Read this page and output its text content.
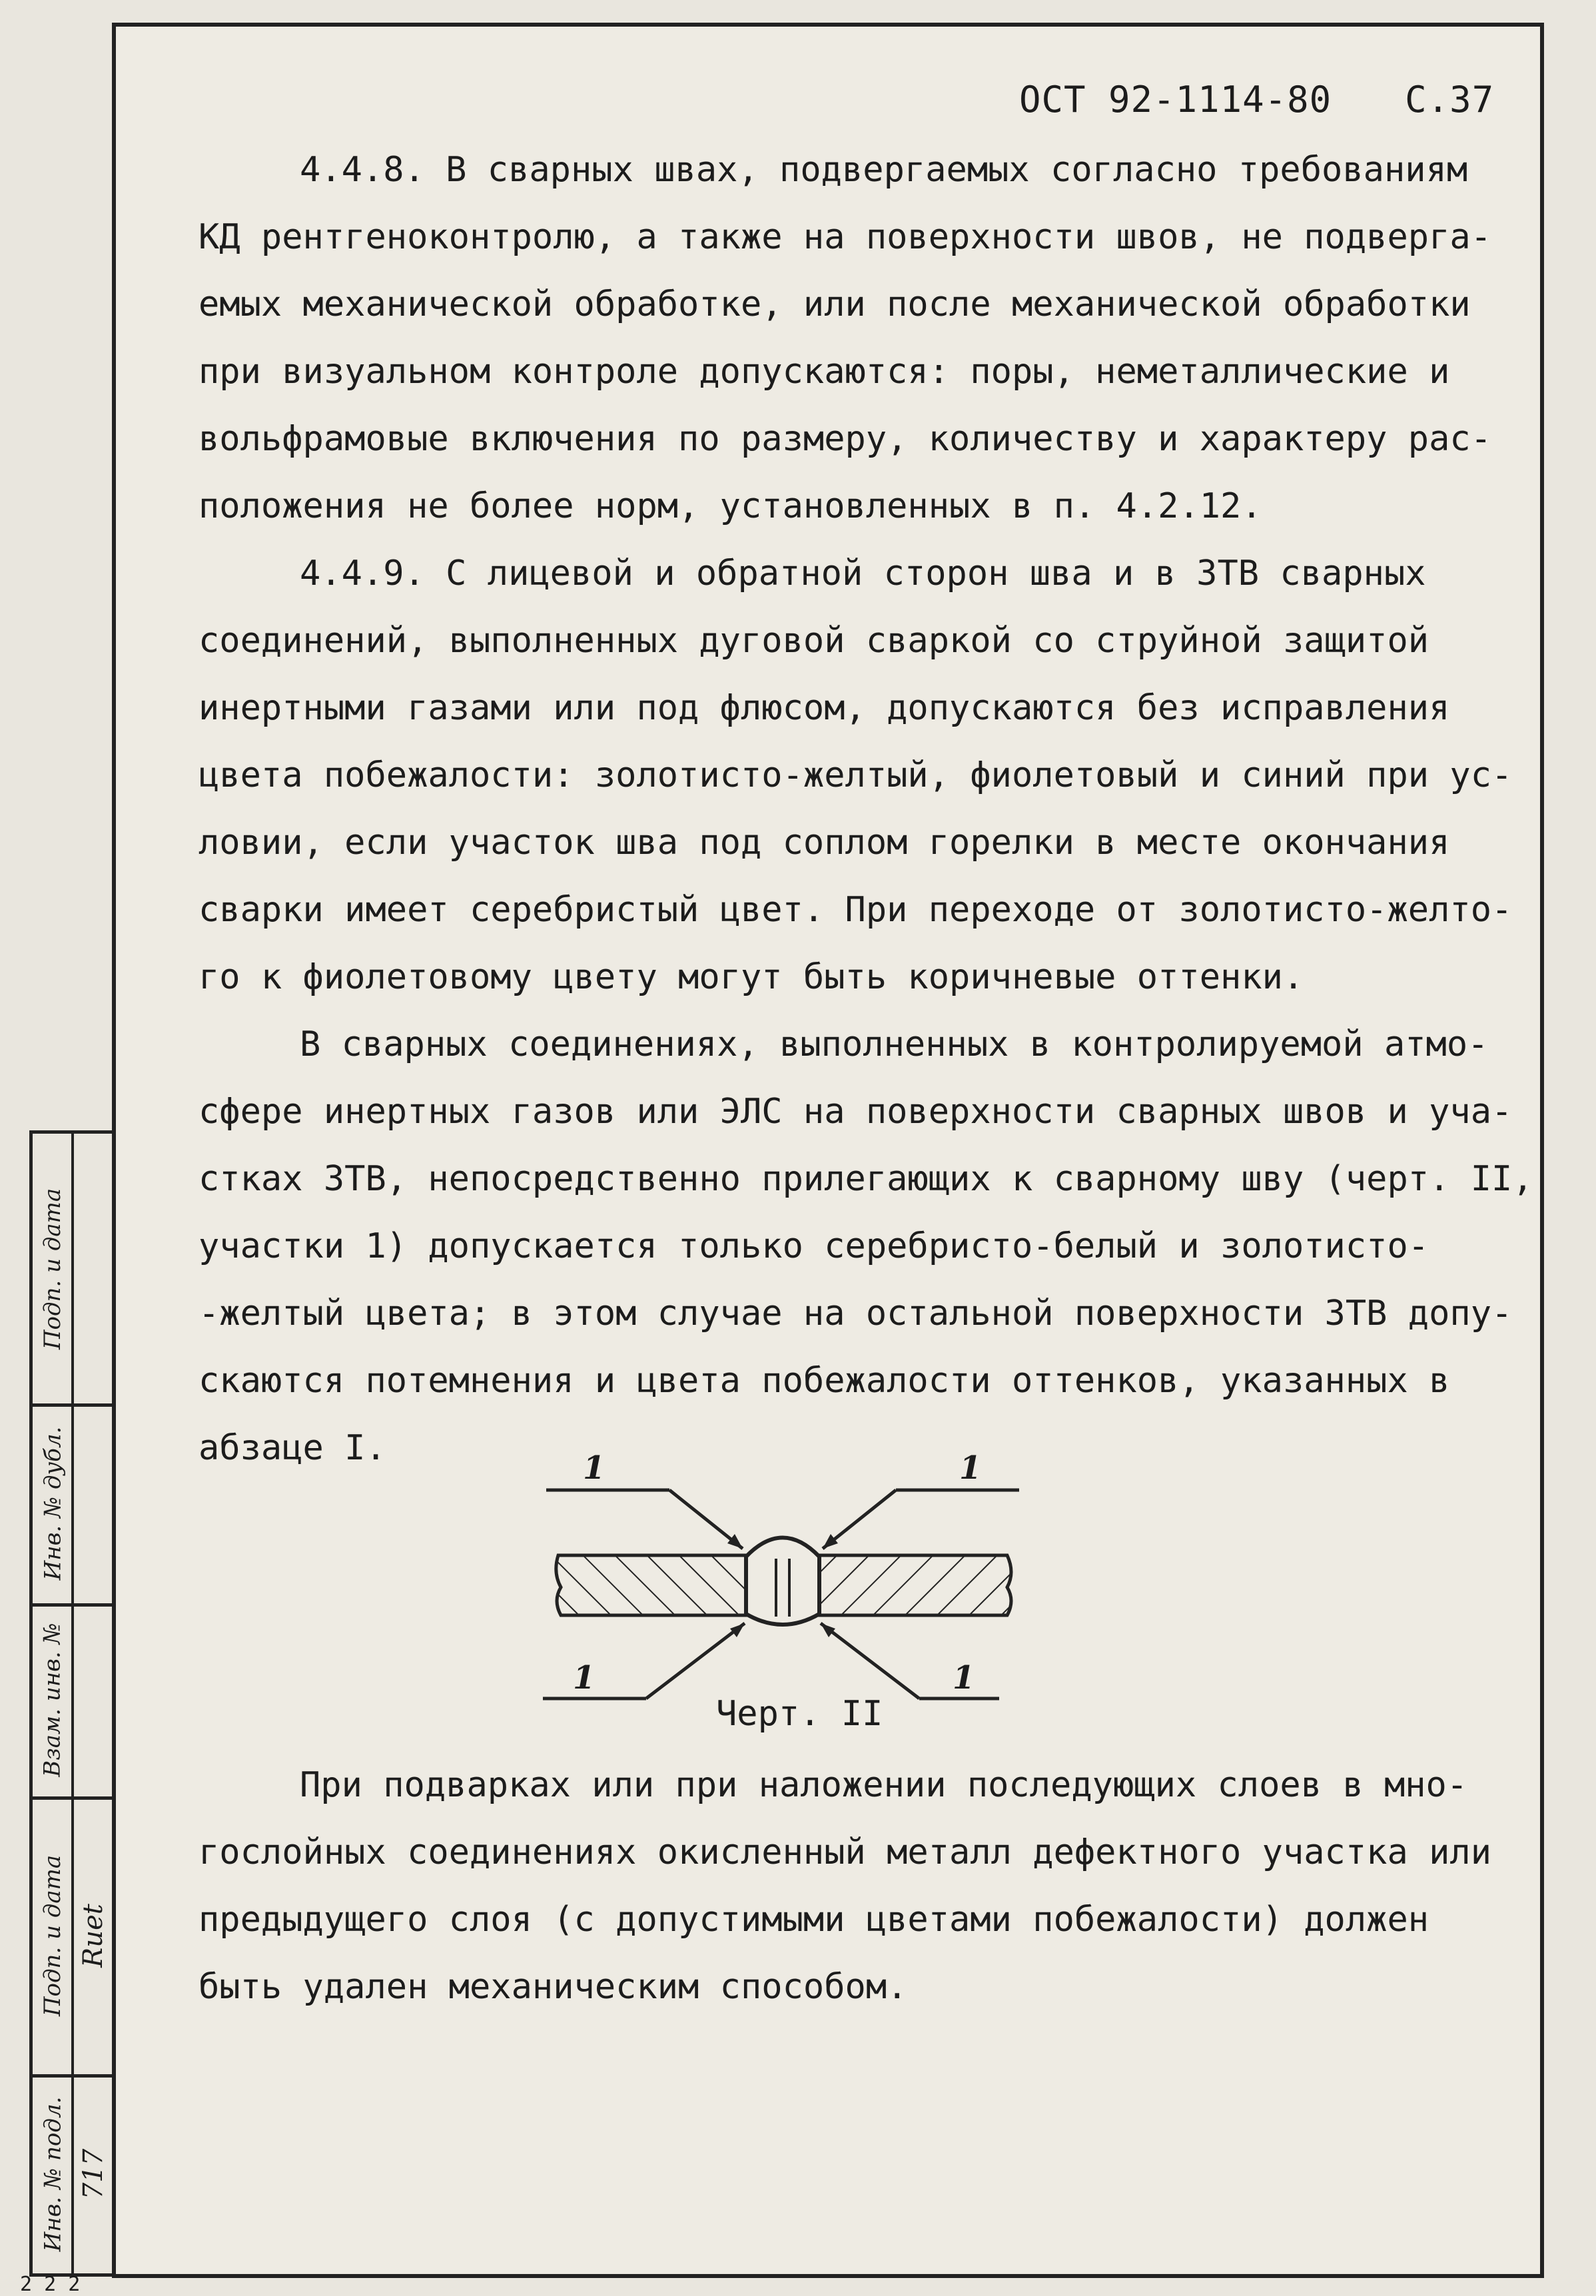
ОСТ 92-1114-80 С.37
4.4.8. В сварных швах, подвергаемых согласно требованиям
КД рентгеноконтролю, а также на поверхности швов, не подверга-
емых механической обработке, или после механической обработки
при визуальном контроле допускаются: поры, неметаллические и
вольфрамовые включения по размеру, количеству и характеру рас-
положения не более норм, установленных в п. 4.2.12.
4.4.9. С лицевой и обратной сторон шва и в ЗТВ сварных
соединений, выполненных дуговой сваркой со струйной защитой
инертными газами или под флюсом, допускаются без исправления
цвета побежалости: золотисто-желтый, фиолетовый и синий при ус-
ловии, если участок шва под соплом горелки в месте окончания
сварки имеет серебристый цвет. При переходе от золотисто-желто-
го к фиолетовому цвету могут быть коричневые оттенки.
В сварных соединениях, выполненных в контролируемой атмо-
сфере инертных газов или ЭЛС на поверхности сварных швов и уча-
стках ЗТВ, непосредственно прилегающих к сварному шву (черт. II,
участки 1) допускается только серебристо-белый и золотисто-
-желтый цвета; в этом случае на остальной поверхности ЗТВ допу-
скаются потемнения и цвета побежалости оттенков, указанных в
абзаце I.	1	1
1	1
Черт. II
При подварках или при наложении последующих слоев в мно-
гослойных соединениях окисленный металл дефектного участка или
предыдущего слоя (с допустимыми цветами побежалости) должен
быть удален механическим способом.
Подп. и дата
Инв. № дубл.
Взам. инв. №
Подп. и дата
Инв. № подл.
Ruet
717
2 2 2
